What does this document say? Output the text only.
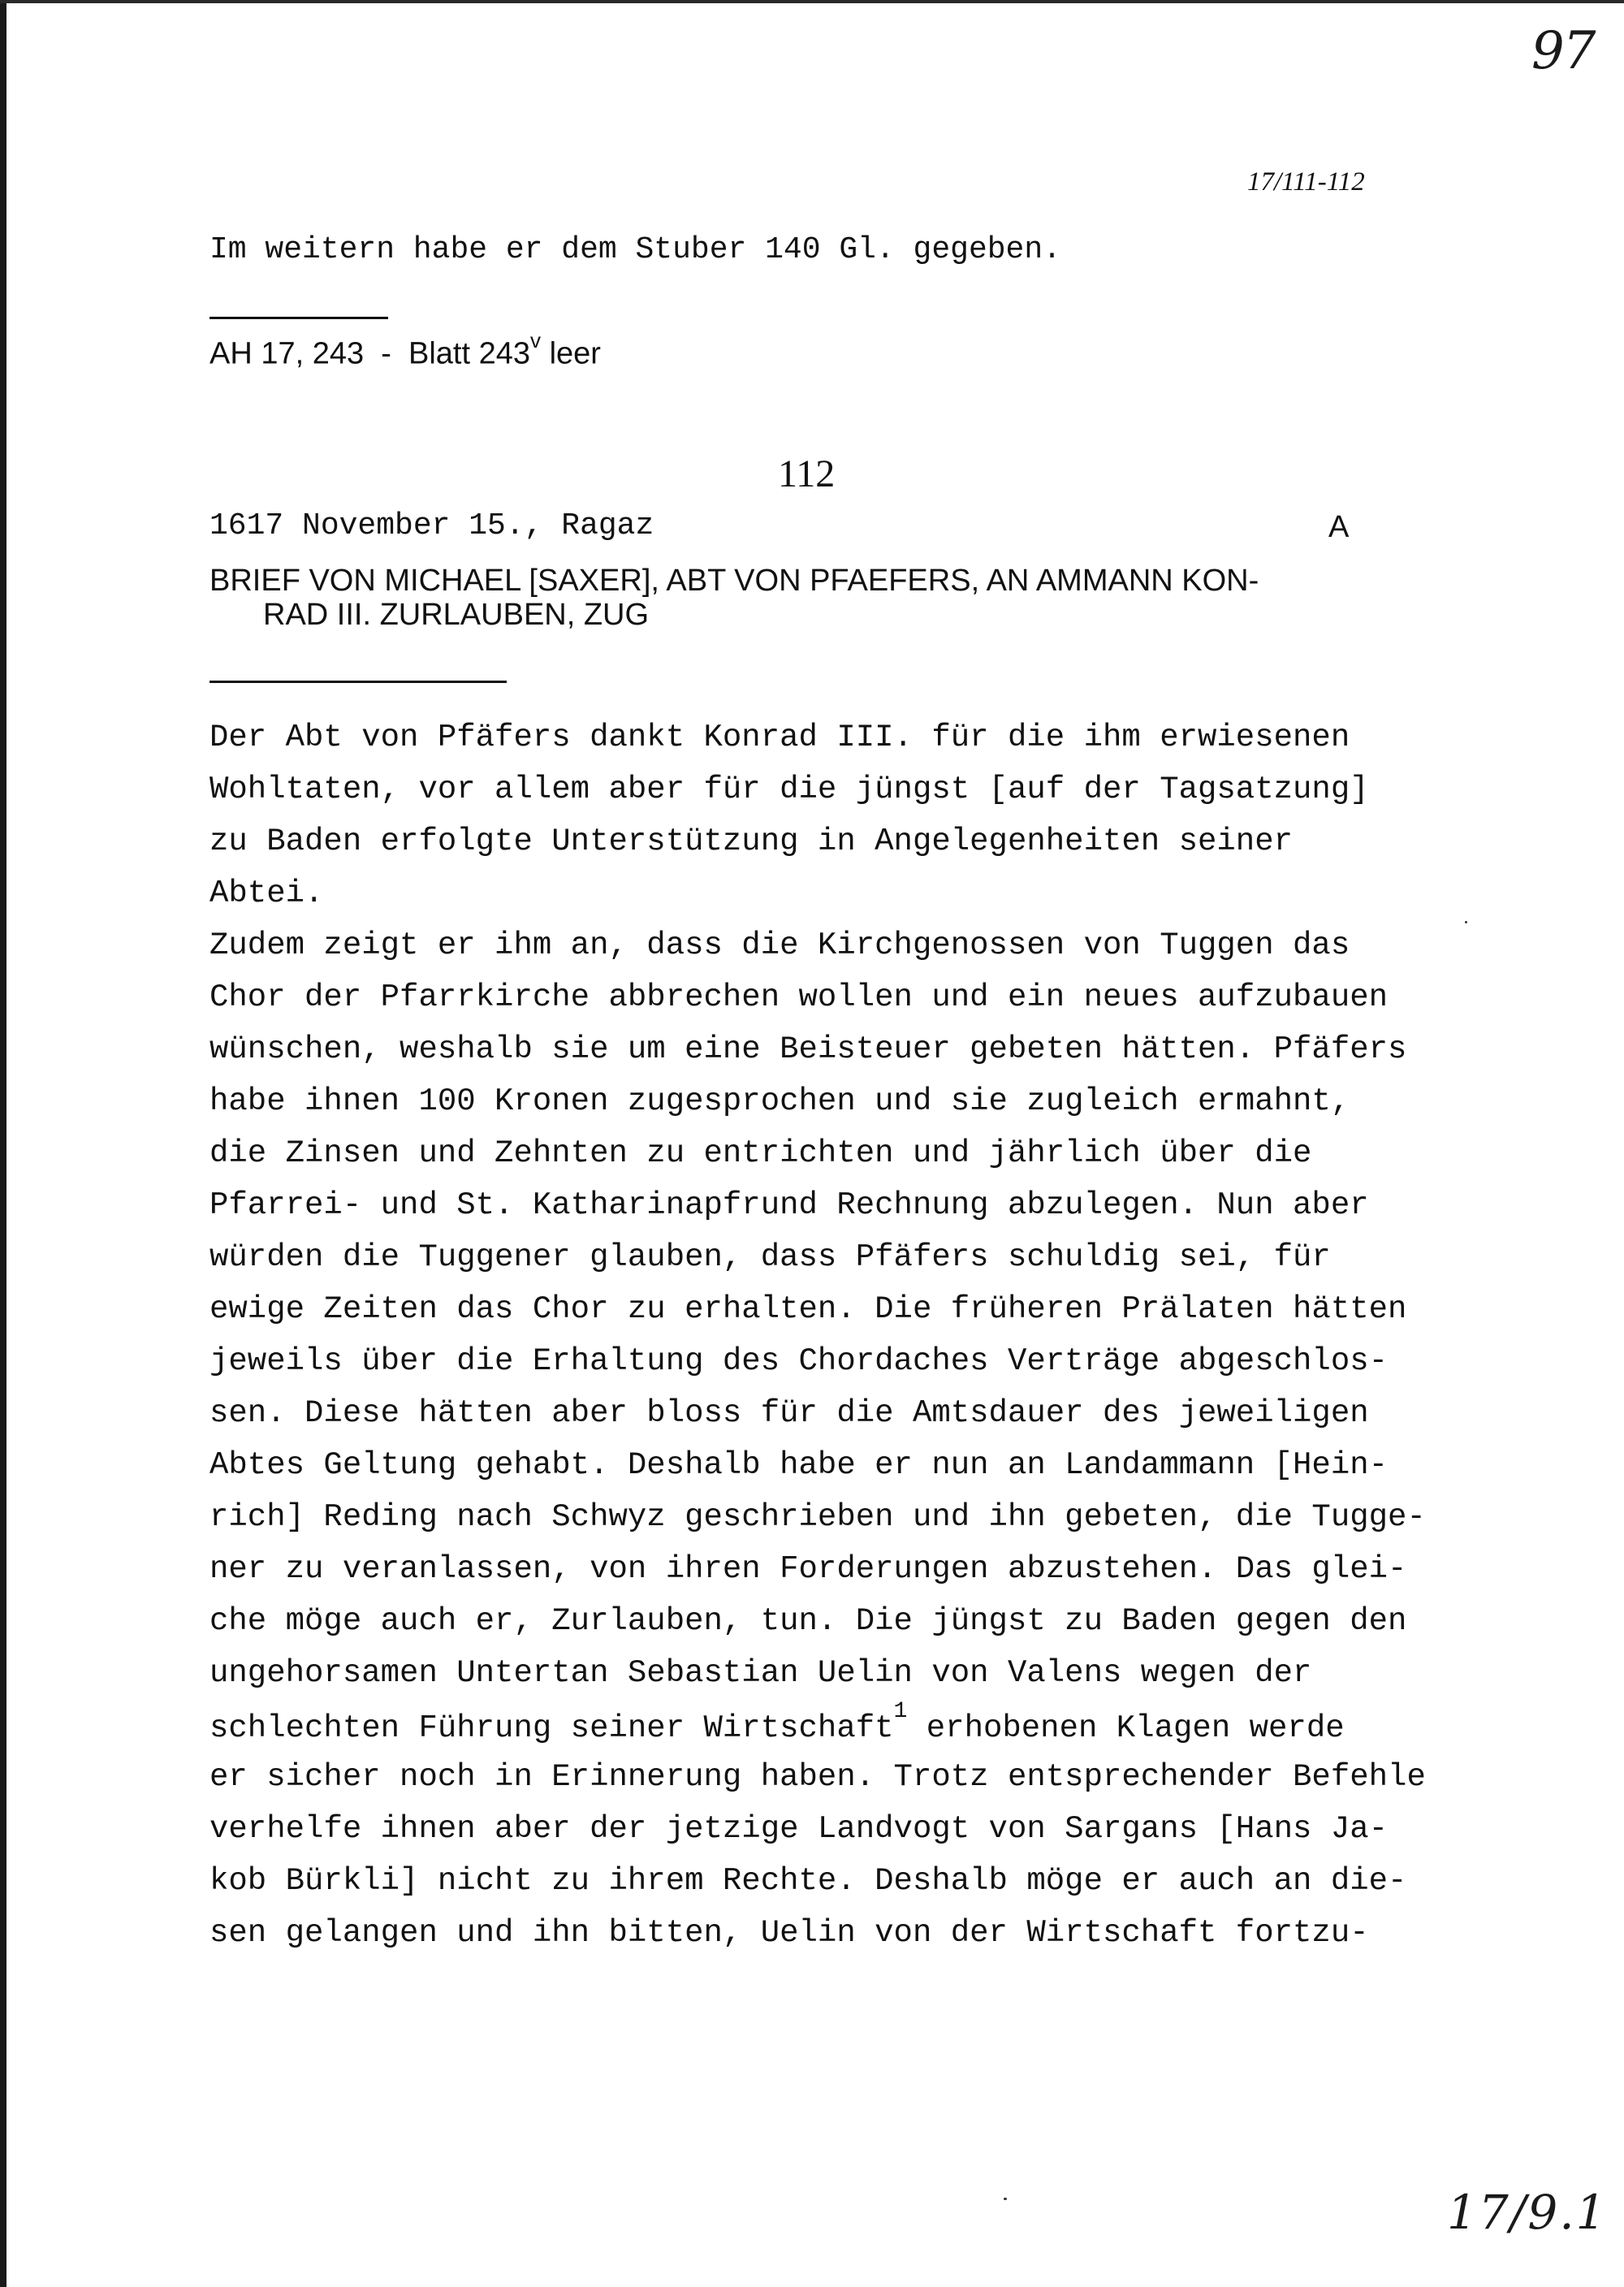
97
17/111-112
Im weitern habe er dem Stuber 140 Gl. gegeben.
AH 17, 243  -  Blatt 243$^v$ leer
112
1617 November 15., Ragaz	A
BRIEF VON MICHAEL [SAXER], ABT VON PFAEFERS, AN AMMANN KON-
RAD III. ZURLAUBEN, ZUG
Der Abt von Pfäfers dankt Konrad III. für die ihm erwiesenen
Wohltaten, vor allem aber für die jüngst [auf der Tagsatzung]
zu Baden erfolgte Unterstützung in Angelegenheiten seiner
Abtei.
Zudem zeigt er ihm an, dass die Kirchgenossen von Tuggen das
Chor der Pfarrkirche abbrechen wollen und ein neues aufzubauen
wünschen, weshalb sie um eine Beisteuer gebeten hätten. Pfäfers
habe ihnen 100 Kronen zugesprochen und sie zugleich ermahnt,
die Zinsen und Zehnten zu entrichten und jährlich über die
Pfarrei- und St. Katharinapfrund Rechnung abzulegen. Nun aber
würden die Tuggener glauben, dass Pfäfers schuldig sei, für
ewige Zeiten das Chor zu erhalten. Die früheren Prälaten hätten
jeweils über die Erhaltung des Chordaches Verträge abgeschlos-
sen. Diese hätten aber bloss für die Amtsdauer des jeweiligen
Abtes Geltung gehabt. Deshalb habe er nun an Landammann [Hein-
rich] Reding nach Schwyz geschrieben und ihn gebeten, die Tugge-
ner zu veranlassen, von ihren Forderungen abzustehen. Das glei-
che möge auch er, Zurlauben, tun. Die jüngst zu Baden gegen den
ungehorsamen Untertan Sebastian Uelin von Valens wegen der
schlechten Führung seiner Wirtschaft$^1$ erhobenen Klagen werde
er sicher noch in Erinnerung haben. Trotz entsprechender Befehle
verhelfe ihnen aber der jetzige Landvogt von Sargans [Hans Ja-
kob Bürkli] nicht zu ihrem Rechte. Deshalb möge er auch an die-
sen gelangen und ihn bitten, Uelin von der Wirtschaft fortzu-
17/9.1
